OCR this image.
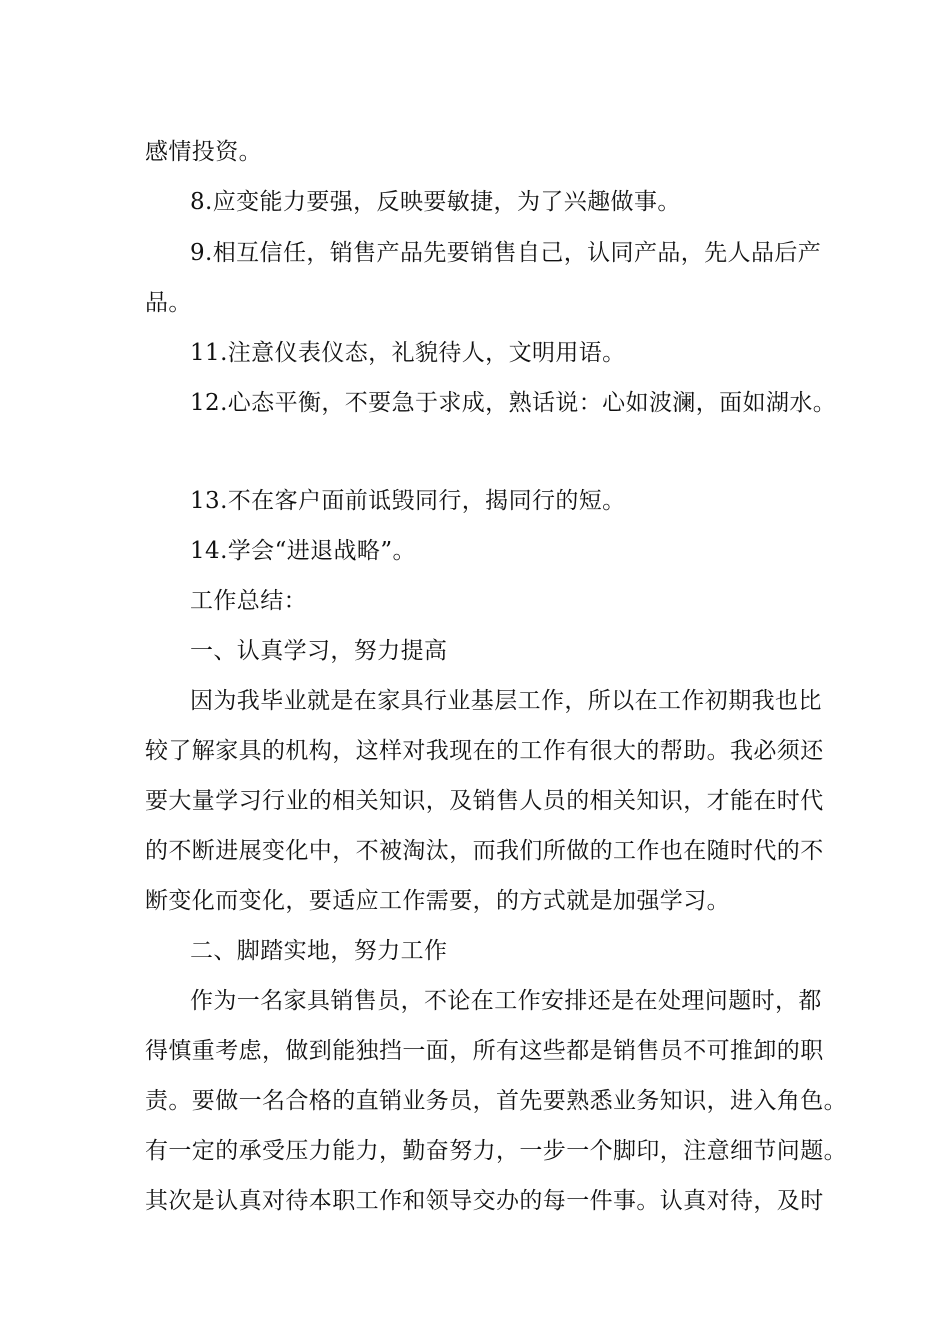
感情投资。
8.应变能力要强，反映要敏捷，为了兴趣做事。
9.相互信任，销售产品先要销售自己，认同产品，先人品后产
品。
11.注意仪表仪态，礼貌待人，文明用语。
12.心态平衡，不要急于求成，熟话说：心如波澜，面如湖水。
13.不在客户面前诋毁同行，揭同行的短。
14.学会“进退战略”。
工作总结：
一、认真学习，努力提高
因为我毕业就是在家具行业基层工作，所以在工作初期我也比
较了解家具的机构，这样对我现在的工作有很大的帮助。我必须还
要大量学习行业的相关知识，及销售人员的相关知识，才能在时代
的不断进展变化中，不被淘汰，而我们所做的工作也在随时代的不
断变化而变化，要适应工作需要，的方式就是加强学习。
二、脚踏实地，努力工作
作为一名家具销售员，不论在工作安排还是在处理问题时，都
得慎重考虑，做到能独挡一面，所有这些都是销售员不可推卸的职
责。要做一名合格的直销业务员，首先要熟悉业务知识，进入角色。
有一定的承受压力能力，勤奋努力，一步一个脚印，注意细节问题。
其次是认真对待本职工作和领导交办的每一件事。认真对待，及时
